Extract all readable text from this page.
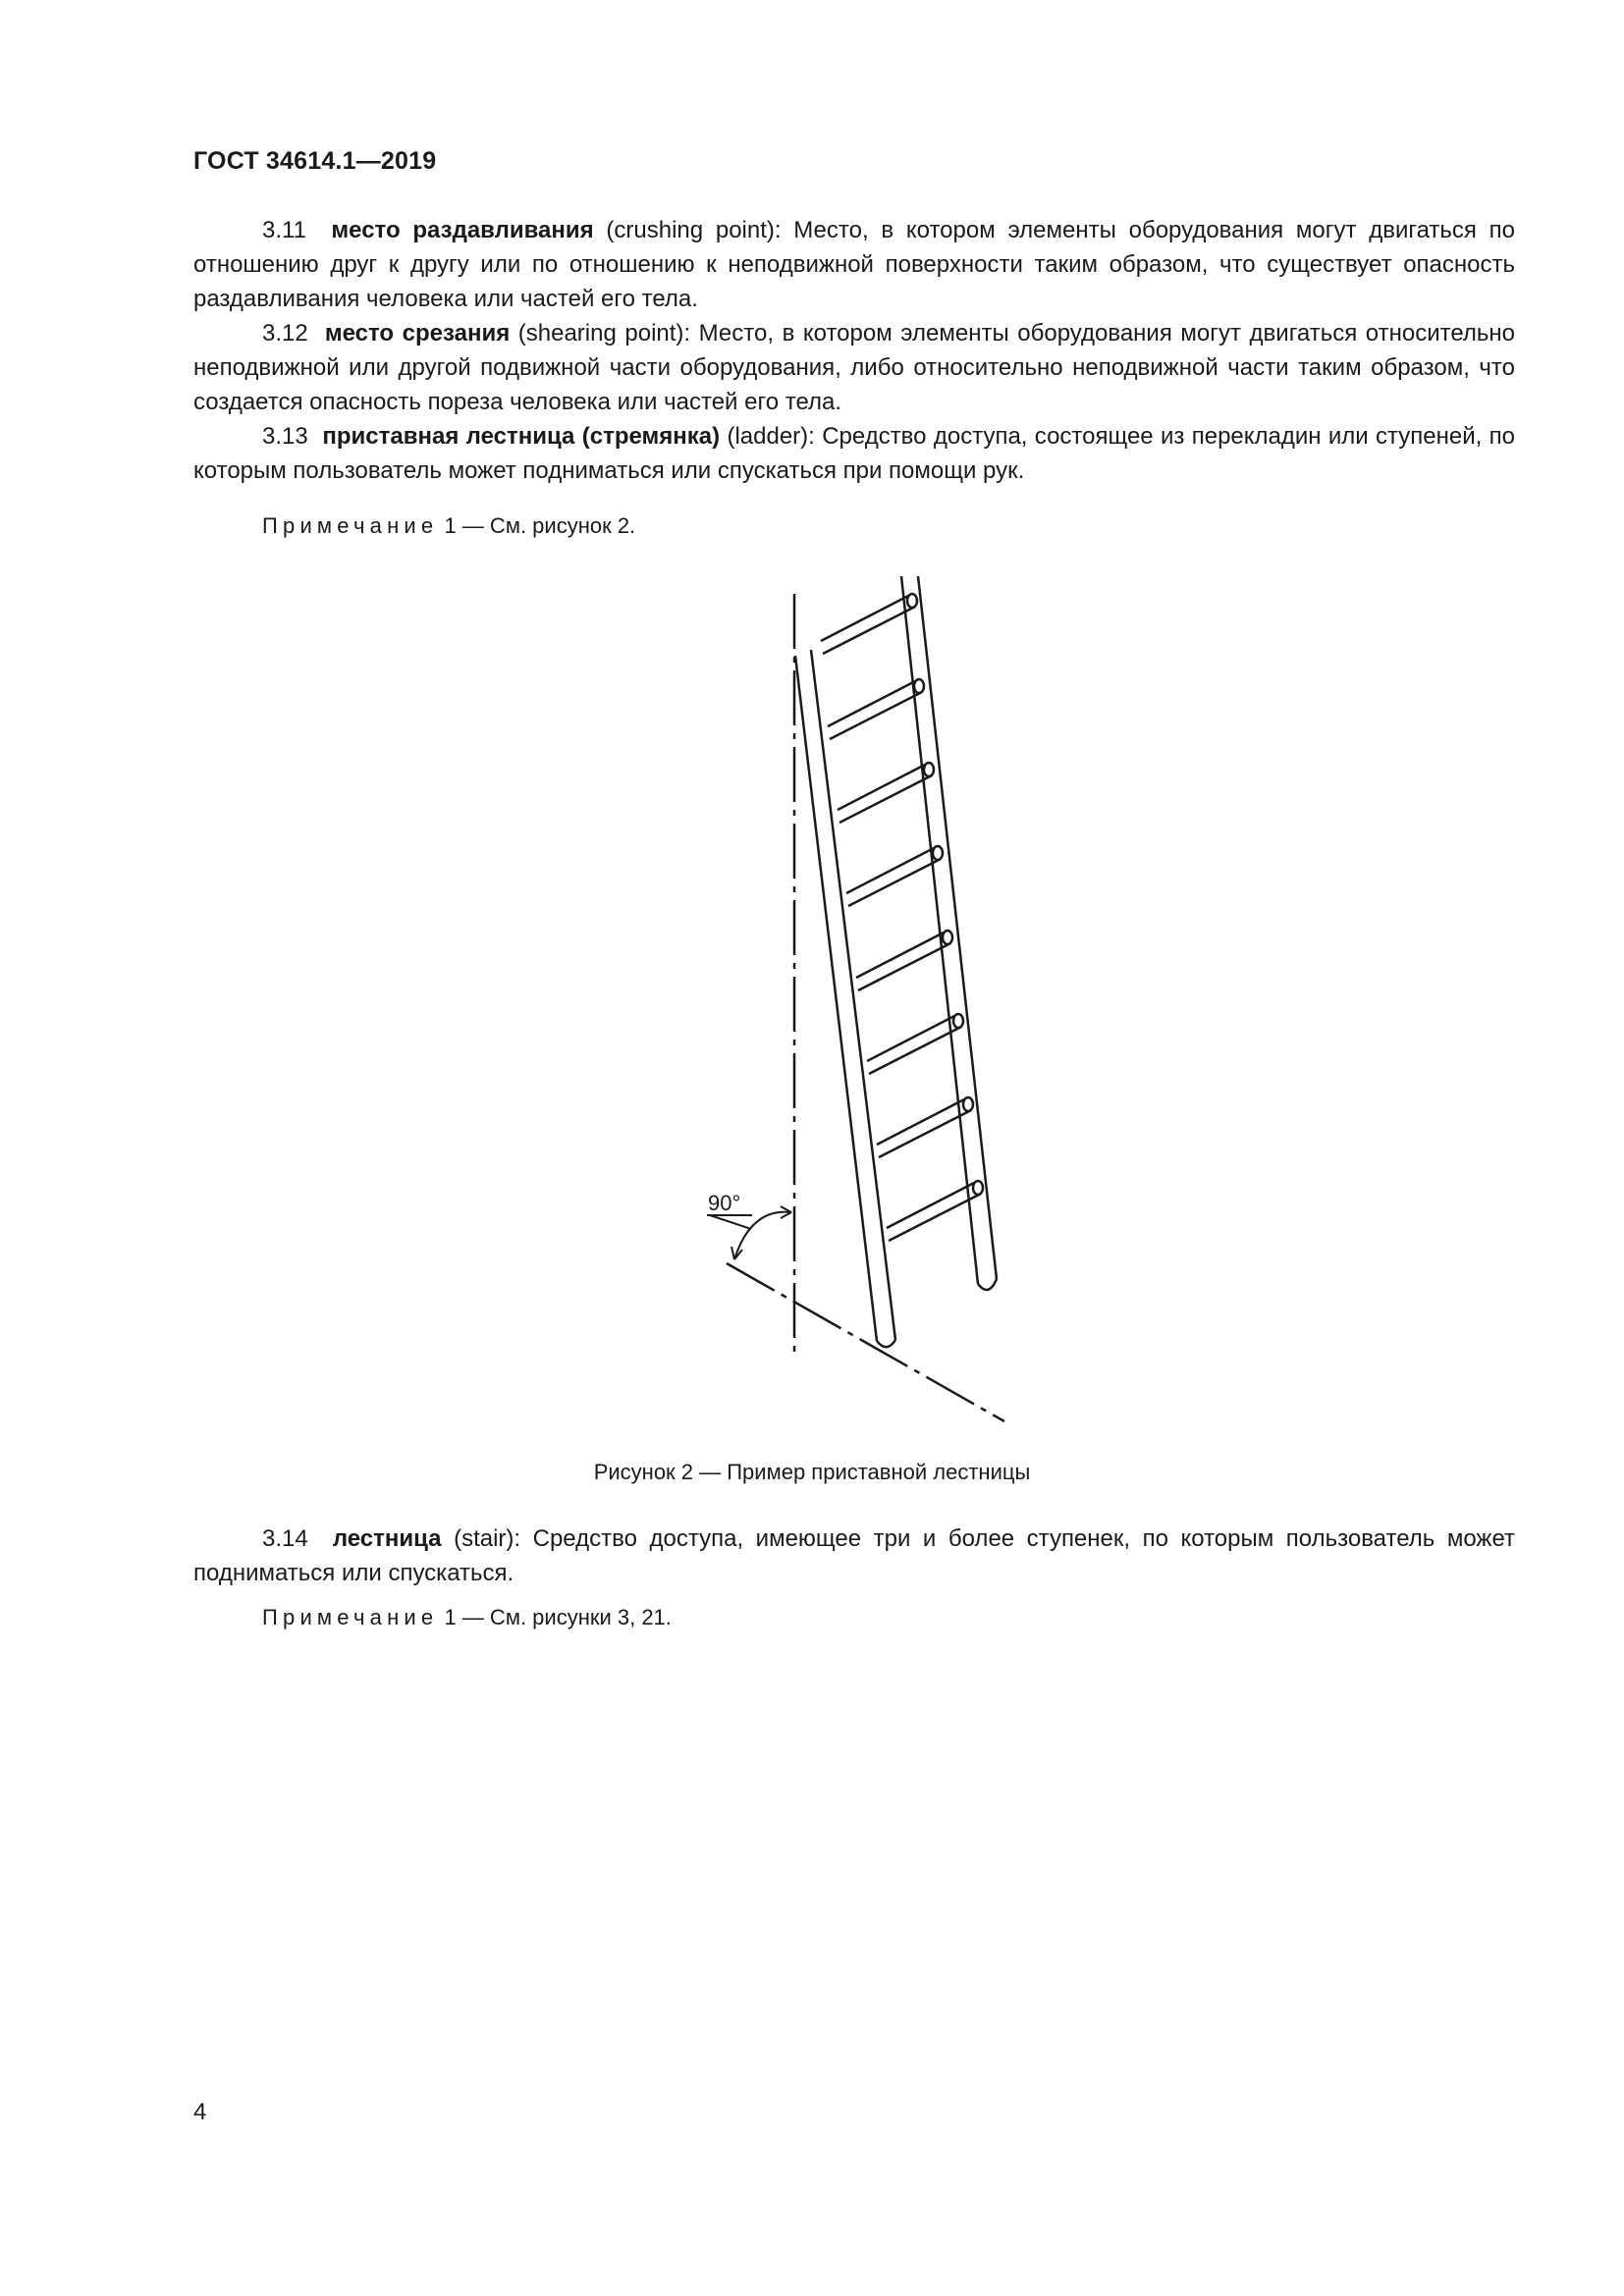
ГОСТ 34614.1—2019

3.11 место раздавливания (crushing point): Место, в котором элементы оборудования могут двигаться по отношению друг к другу или по отношению к неподвижной поверхности таким образом, что существует опасность раздавливания человека или частей его тела.

3.12 место срезания (shearing point): Место, в котором элементы оборудования могут двигаться относительно неподвижной или другой подвижной части оборудования, либо относительно неподвижной части таким образом, что создается опасность пореза человека или частей его тела.

3.13 приставная лестница (стремянка) (ladder): Средство доступа, состоящее из перекладин или ступеней, по которым пользователь может подниматься или спускаться при помощи рук.

Примечание 1 — См. рисунок 2.
90°
Рисунок 2 — Пример приставной лестницы

3.14 лестница (stair): Средство доступа, имеющее три и более ступенек, по которым пользователь может подниматься или спускаться.

Примечание 1 — См. рисунки 3, 21.
4
